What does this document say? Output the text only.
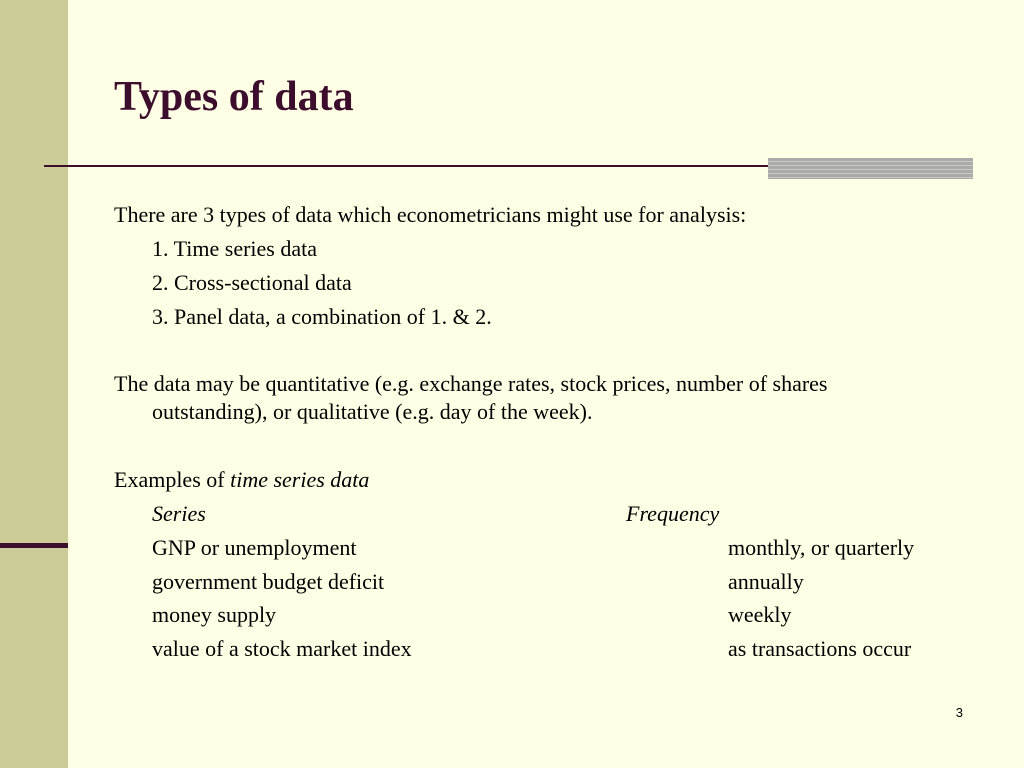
Types of data
There are 3 types of data which econometricians might use for analysis:
1. Time series data
2. Cross-sectional data
3. Panel data, a combination of 1. & 2.
The data may be quantitative (e.g. exchange rates, stock prices, number of shares
outstanding), or qualitative (e.g. day of the week).
Examples of time series data
Series	Frequency
GNP or unemployment	monthly, or quarterly
government budget deficit	annually
money supply	weekly
value of a stock market index	as transactions occur
3
